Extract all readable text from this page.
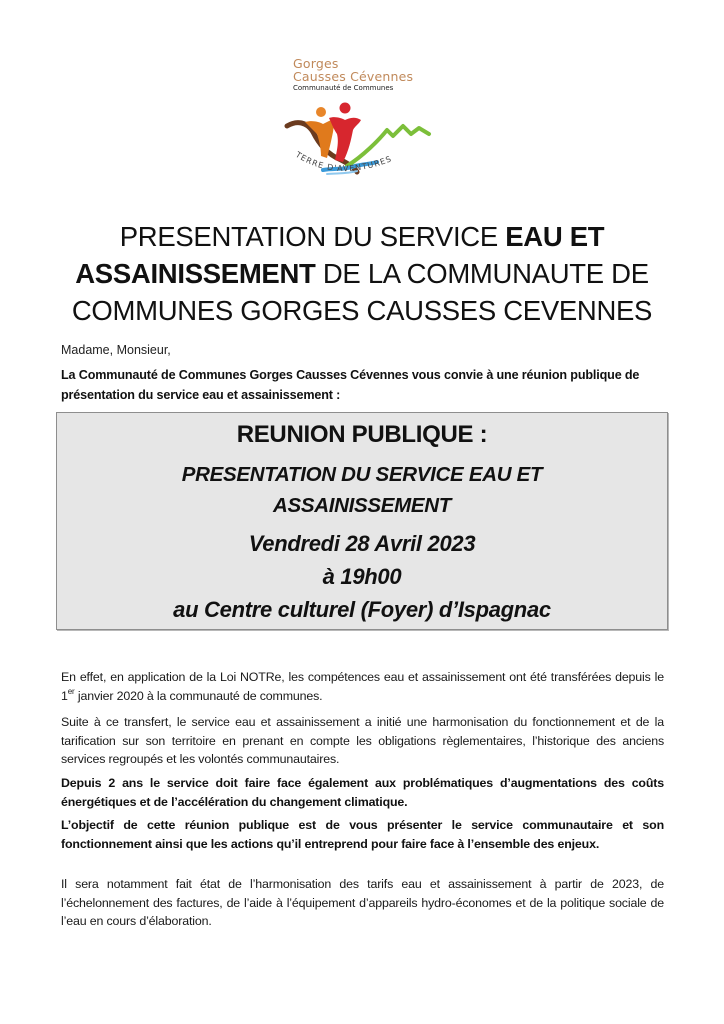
Gorges
Causses Cévennes
Communauté de Communes
TERRE D'AVENTURES
PRESENTATION DU SERVICE EAU ET
ASSAINISSEMENT DE LA COMMUNAUTE DE
COMMUNES GORGES CAUSSES CEVENNES
Madame, Monsieur,
La Communauté de Communes Gorges Causses Cévennes vous convie à une réunion publique de présentation du service eau et assainissement :
REUNION PUBLIQUE :
PRESENTATION DU SERVICE EAU ET
ASSAINISSEMENT
Vendredi 28 Avril 2023
à 19h00
au Centre culturel (Foyer) d’Ispagnac
En effet, en application de la Loi NOTRe, les compétences eau et assainissement ont été transférées depuis le 1er janvier 2020 à la communauté de communes.
Suite à ce transfert, le service eau et assainissement a initié une harmonisation du fonctionnement et de la tarification sur son territoire en prenant en compte les obligations règlementaires, l’historique des anciens services regroupés et les volontés communautaires.
Depuis 2 ans le service doit faire face également aux problématiques d’augmentations des coûts énergétiques et de l’accélération du changement climatique.
L’objectif de cette réunion publique est de vous présenter le service communautaire et son fonctionnement ainsi que les actions qu’il entreprend pour faire face à l’ensemble des enjeux.
Il sera notamment fait état de l’harmonisation des tarifs eau et assainissement à partir de 2023, de l’échelonnement des factures, de l’aide à l’équipement d’appareils hydro-économes et de la politique sociale de l’eau en cours d’élaboration.
